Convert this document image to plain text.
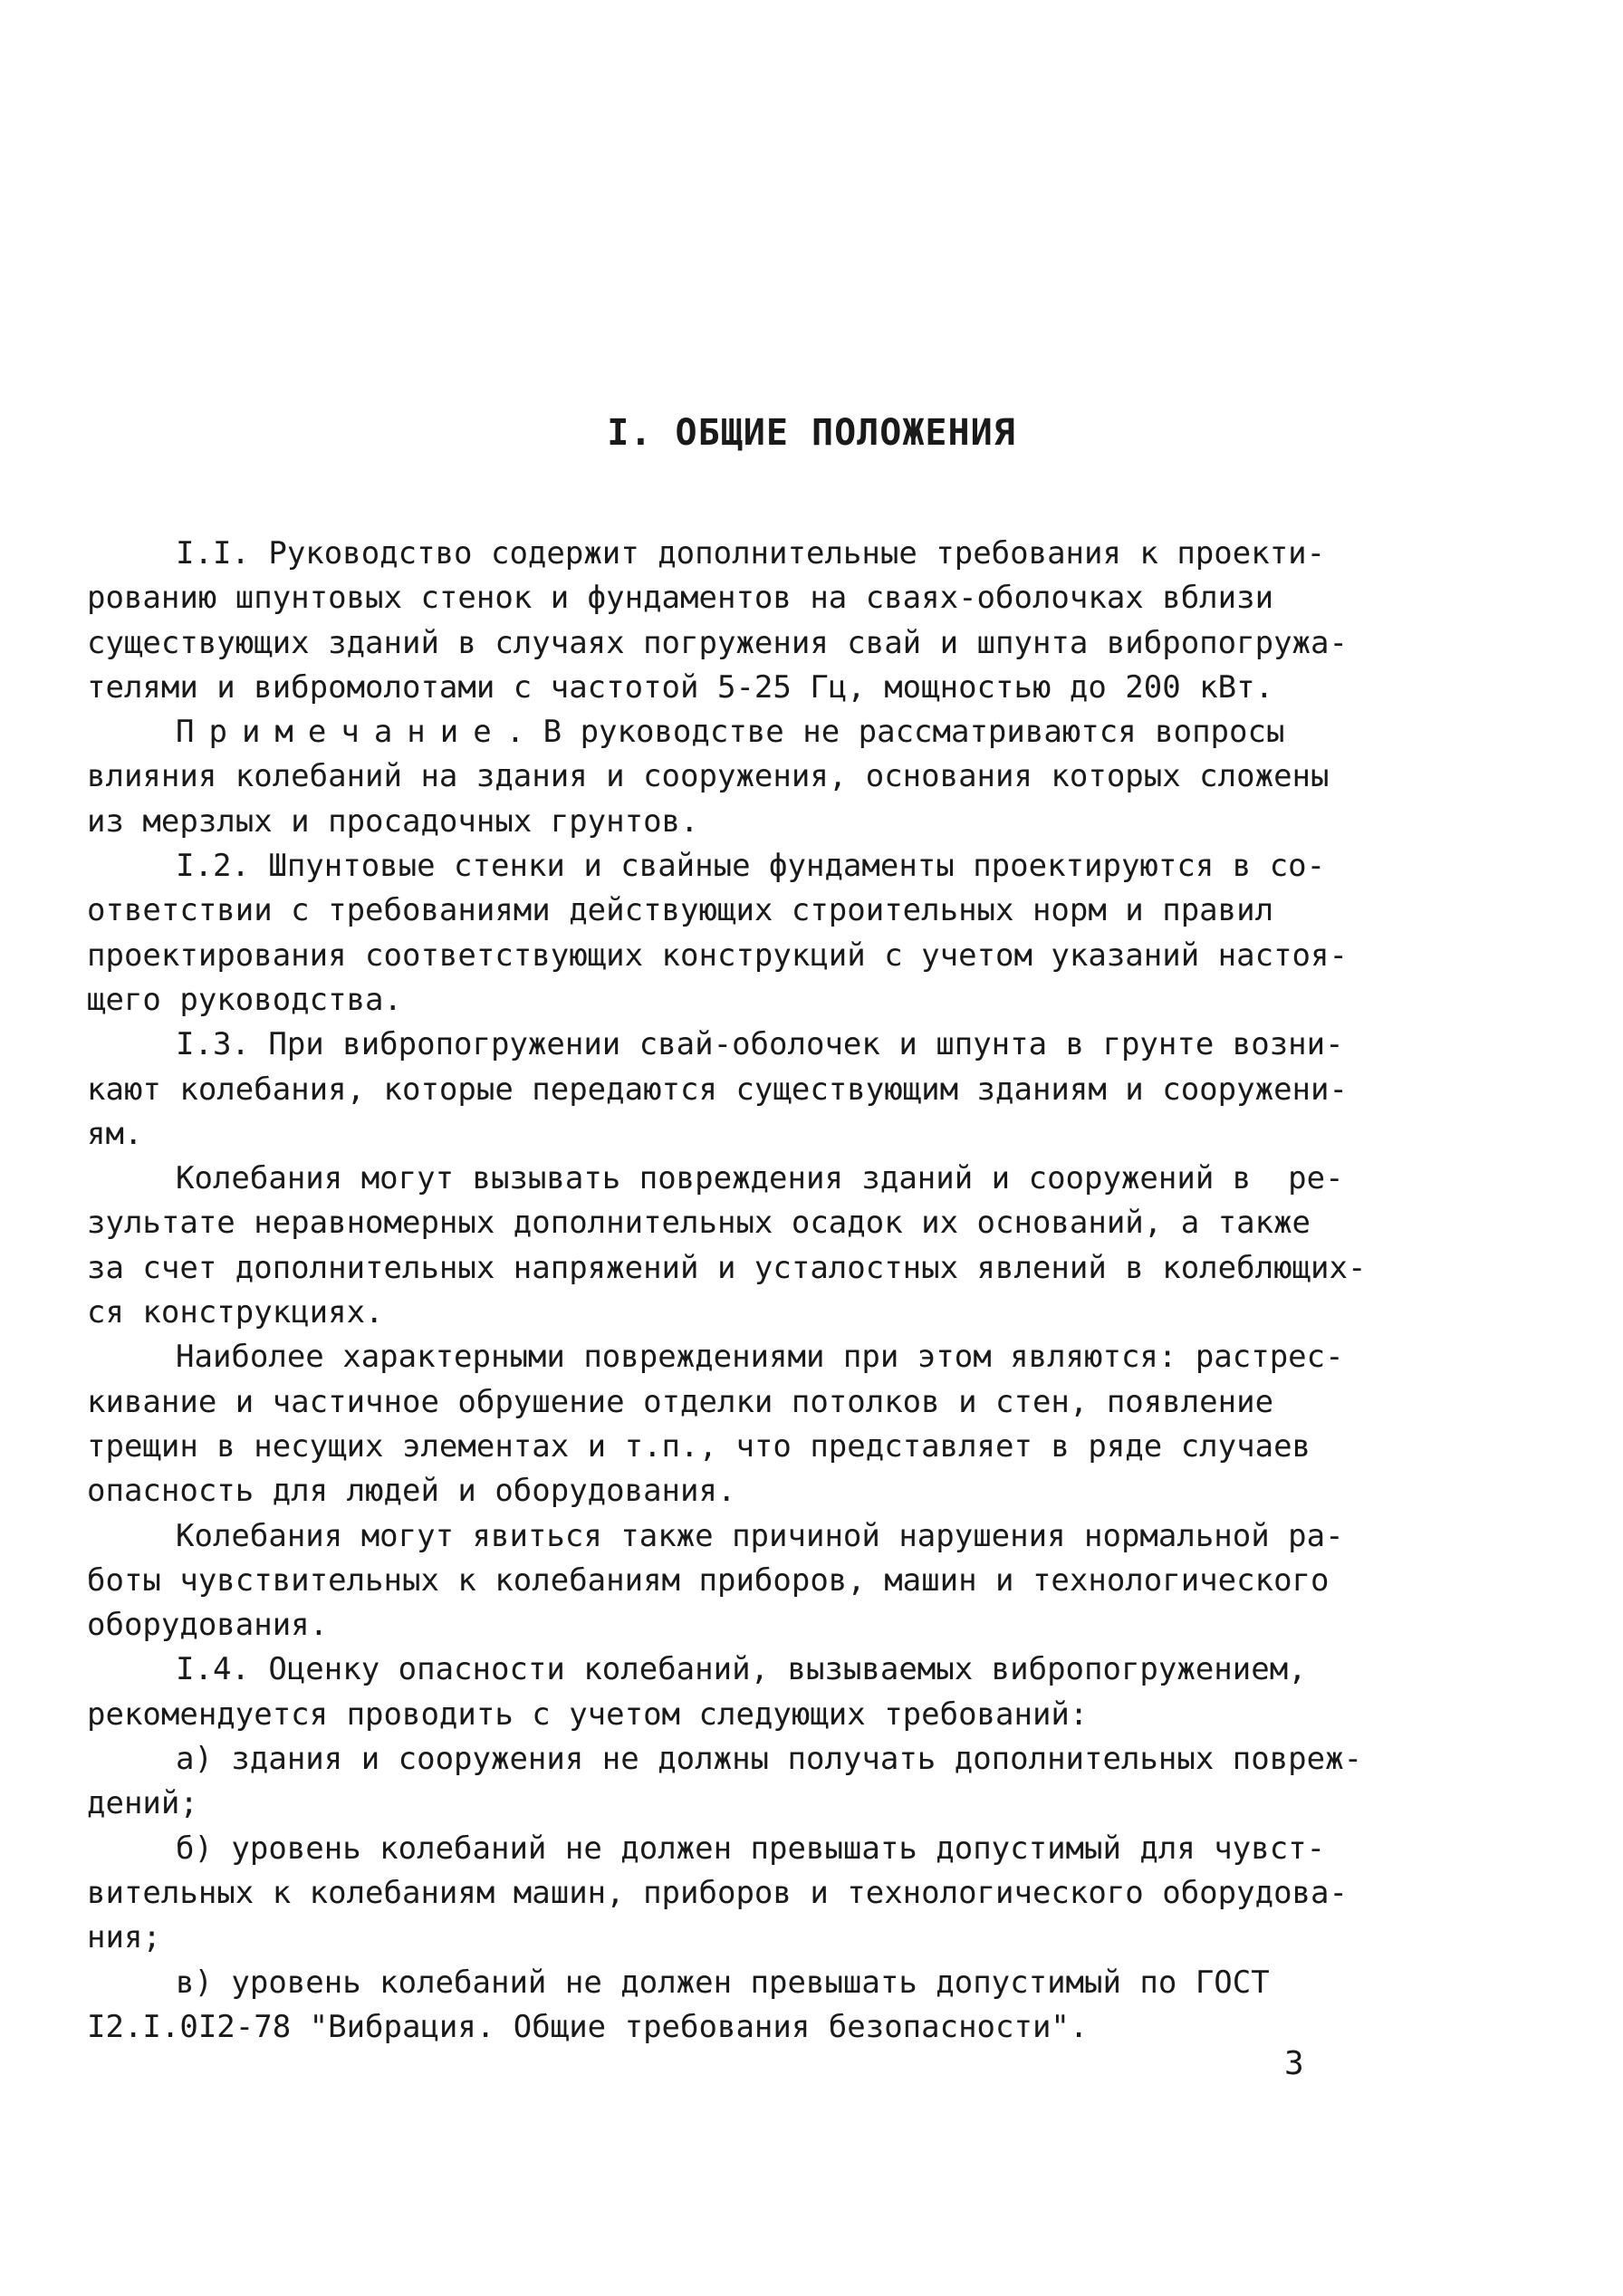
I. ОБЩИЕ ПОЛОЖЕНИЯ

I.I. Руководство содержит дополнительные требования к проекти-

рованию шпунтовых стенок и фундаментов на сваях-оболочках вблизи

существующих зданий в случаях погружения свай и шпунта вибропогружа-

телями и вибромолотами с частотой 5-25 Гц, мощностью до 200 кВт.

Примечание. В руководстве не рассматриваются вопросы

влияния колебаний на здания и сооружения, основания которых сложены

из мерзлых и просадочных грунтов.

I.2. Шпунтовые стенки и свайные фундаменты проектируются в со-

ответствии с требованиями действующих строительных норм и правил

проектирования соответствующих конструкций с учетом указаний настоя-

щего руководства.

I.3. При вибропогружении свай-оболочек и шпунта в грунте возни-

кают колебания, которые передаются существующим зданиям и сооружени-

ям.

Колебания могут вызывать повреждения зданий и сооружений в  ре-

зультате неравномерных дополнительных осадок их оснований, а также

за счет дополнительных напряжений и усталостных явлений в колеблющих-

ся конструкциях.

Наиболее характерными повреждениями при этом являются: растрес-

кивание и частичное обрушение отделки потолков и стен, появление

трещин в несущих элементах и т.п., что представляет в ряде случаев

опасность для людей и оборудования.

Колебания могут явиться также причиной нарушения нормальной ра-

боты чувствительных к колебаниям приборов, машин и технологического

оборудования.

I.4. Оценку опасности колебаний, вызываемых вибропогружением,

рекомендуется проводить с учетом следующих требований:

а) здания и сооружения не должны получать дополнительных повреж-

дений;

б) уровень колебаний не должен превышать допустимый для чувст-

вительных к колебаниям машин, приборов и технологического оборудова-

ния;

в) уровень колебаний не должен превышать допустимый по ГОСТ

I2.I.0I2-78 "Вибрация. Общие требования безопасности".

3
